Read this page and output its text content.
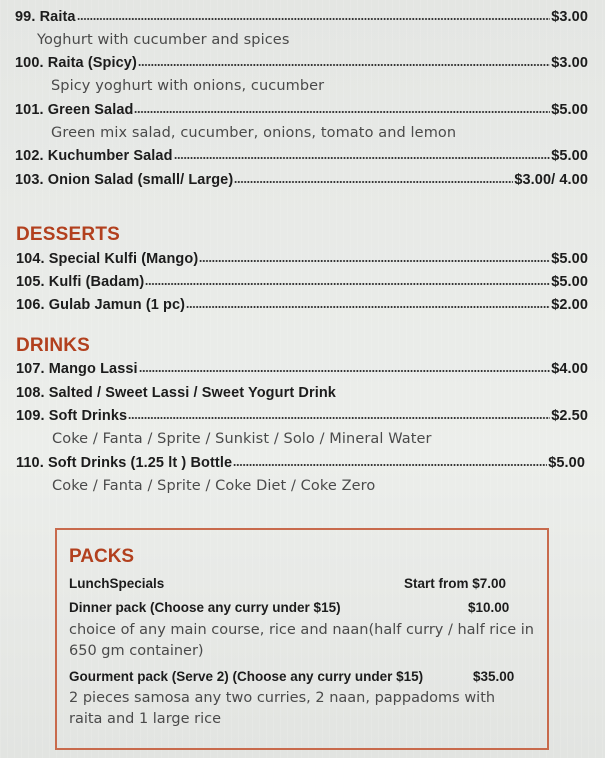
99. Raita	$3.00
Yoghurt with cucumber and spices
100. Raita (Spicy)	$3.00
Spicy yoghurt with onions, cucumber
101. Green Salad	$5.00
Green mix salad, cucumber, onions, tomato and lemon
102. Kuchumber Salad	$5.00
103. Onion Salad (small/ Large)	$3.00/ 4.00
DESSERTS
104. Special Kulfi (Mango)	$5.00
105. Kulfi (Badam)	$5.00
106. Gulab Jamun (1 pc)	$2.00
DRINKS
107. Mango Lassi	$4.00
108. Salted / Sweet Lassi / Sweet Yogurt Drink
109. Soft Drinks	$2.50
Coke / Fanta / Sprite / Sunkist / Solo / Mineral Water
110. Soft Drinks (1.25 lt ) Bottle	$5.00
Coke / Fanta / Sprite / Coke Diet / Coke Zero
PACKS
LunchSpecials	Start from $7.00
Dinner pack (Choose any curry under $15)	$10.00
choice of any main course, rice and naan(half curry / half rice in
650 gm container)
Gourment pack (Serve 2) (Choose any curry under $15)	$35.00
2 pieces samosa any two curries, 2 naan, pappadoms with
raita and 1 large rice
